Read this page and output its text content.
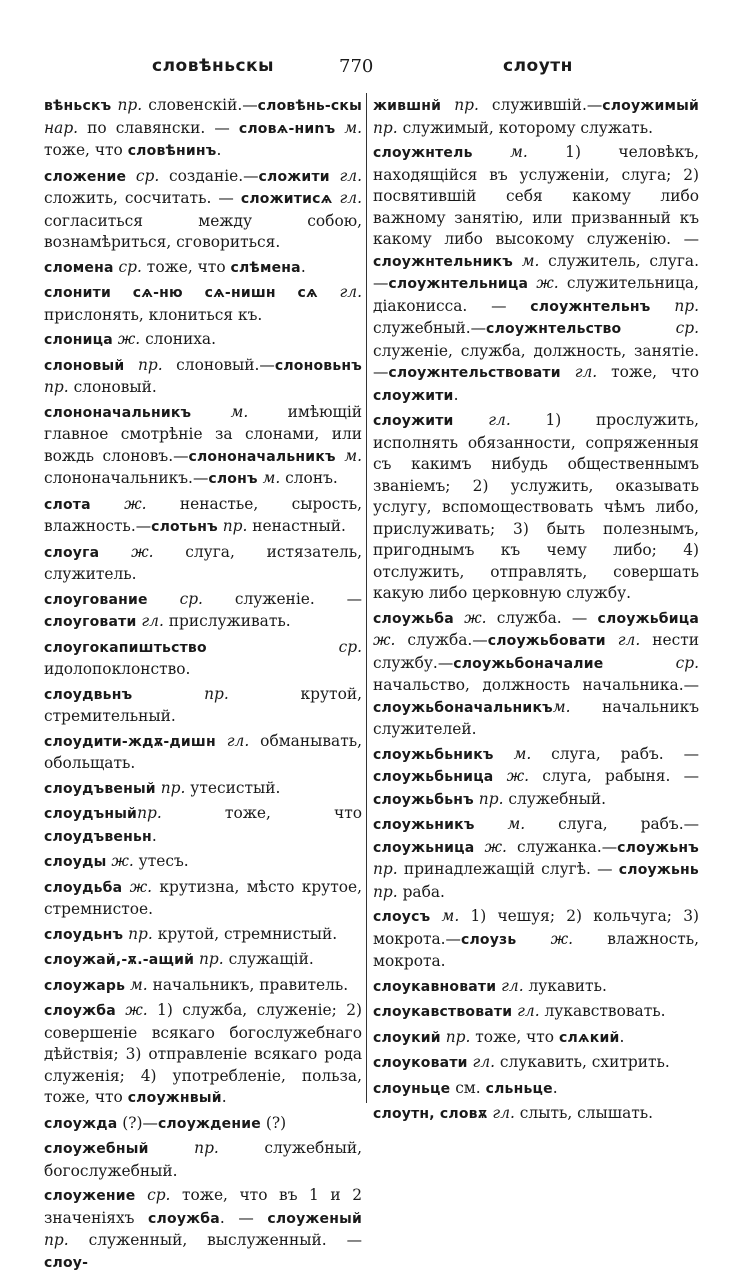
словѣньскы	770	слоутн

вѣньскъ пр. словенскій.—словѣнь-скы нар. по славянски. — словѧ-ниnъ м. тоже, что словѣнинъ.

сложение ср. созданіе.—сложити гл. сложить, сосчитать. — сложитисѧ гл. согласиться между собою, вознамѣриться, сговориться.

сломена ср. тоже, что слѣмена.

слонити сѧ-ню сѧ-нишн сѧ гл. прислонять, клониться къ.

слоница ж. слониха.

слоновый пр. слоновый.—слоновьнъ пр. слоновый.

слононачальникъ м. имѣющій главное смотрѣніе за слонами, или вождь слоновъ.—слононачальникъ м. слононачальникъ.—слонъ м. слонъ.

слота ж. ненастье, сырость, влажность.—слотьнъ пр. ненастный.

слоуга ж. слуга, истязатель, служитель.

слоугование ср. служеніе. — слоуговати гл. прислуживать.

слоугокапиштьство ср. идолопоклонство.

слоудвьнъ пр. крутой, стремительный.

слоудити-ждѫ-дишн гл. обманывать, обольщать.

слоудъвеный пр. утесистый.

слоудъныйпр. тоже, что слоудъвеньн.

слоуды ж. утесъ.

слоудьба ж. крутизна, мѣсто крутое, стремнистое.

слоудьнъ пр. крутой, стремнистый.

слоужай,-ѫ.-ащий пр. служащій.

слоужарь м. начальникъ, правитель.

слоужба ж. 1) служба, служеніе; 2) совершеніе всякаго богослужебнаго дѣйствія; 3) отправленіе всякаго рода служенія; 4) употребленіе, польза, тоже, что слоужнвый.

слоужда (?)—слоуждение (?)

слоужебный пр. служебный, богослужебный.

слоужение ср. тоже, что въ 1 и 2 значеніяхъ слоужба. — слоуженый пр. служенный, выслуженный. — слоу-

жившнй пр. служившій.—слоужимый пр. служимый, которому служать.

слоужнтель м. 1) человѣкъ, находящійся въ услуженіи, слуга; 2) посвятившій себя какому либо важному занятію, или призванный къ какому либо высокому служенію. — слоужнтельникъ м. служитель, слуга.—слоужнтельница ж. служительница, діаконисса. — слоужнтельнъ пр. служебный.—слоужнтельство ср. служеніе, служба, должность, занятіе.—слоужнтельствовати гл. тоже, что слоужити.

слоужити гл. 1) прослужить, исполнять обязанности, сопряженныя съ какимъ нибудь общественнымъ званіемъ; 2) услужить, оказывать услугу, вспомоществовать чѣмъ либо, прислуживать; 3) быть полезнымъ, пригоднымъ къ чему либо; 4) отслужить, отправлять, совершать какую либо церковную службу.

слоужьба ж. служба. — слоужьбица ж. служба.—слоужьбовати гл. нести службу.—слоужьбоначалие ср. начальство, должность начальника.—слоужьбоначальникъм. начальникъ служителей.

слоужьбьникъ м. слуга, рабъ. — слоужьбьница ж. слуга, рабыня. — слоужьбьнъ пр. служебный.

слоужьникъ м. слуга, рабъ.—слоужьница ж. служанка.—слоужьнъ пр. принадлежащій слугѣ. — слоужьнь пр. раба.

слоусъ м. 1) чешуя; 2) кольчуга; 3) мокрота.—слоузь ж. влажность, мокрота.

слоукавновати гл. лукавить.

слоукавствовати гл. лукавствовать.

слоукий пр. тоже, что слѧкий.

слоуковати гл. слукавить, схитрить.

слоуньце см. сльньце.

слоутн, словѫ гл. слыть, слышать.
